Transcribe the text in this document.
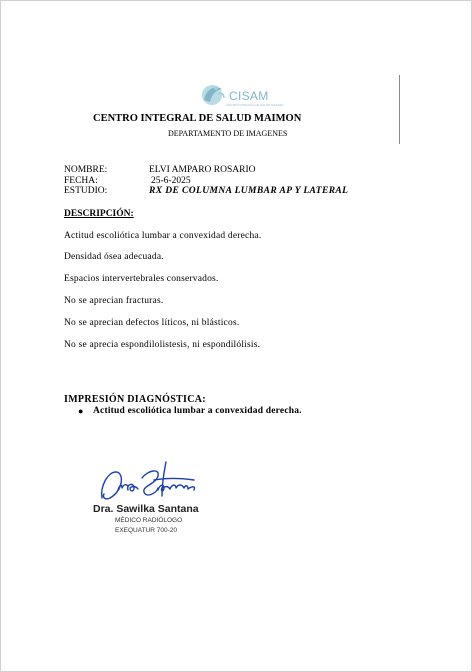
CISAM
CENTRO INTEGRAL DE SALUD MAIMON
CENTRO INTEGRAL DE SALUD MAIMON
DEPARTAMENTO DE IMAGENES
NOMBRE:	ELVI AMPARO ROSARIO
FECHA:	25-6-2025
ESTUDIO:	RX DE COLUMNA LUMBAR AP Y LATERAL
DESCRIPCIÓN:
Actitud escoliótica lumbar a convexidad derecha.
Densidad ósea adecuada.
Espacios intervertebrales conservados.
No se aprecian fracturas.
No se aprecian defectos líticos, ni blásticos.
No se aprecia espondilolistesis, ni espondilólisis.
IMPRESIÓN DIAGNÓSTICA:
● Actitud escoliótica lumbar a convexidad derecha.
Dra. Sawilka Santana
MÉDICO RADIÓLOGO
EXEQUATUR 700-20
